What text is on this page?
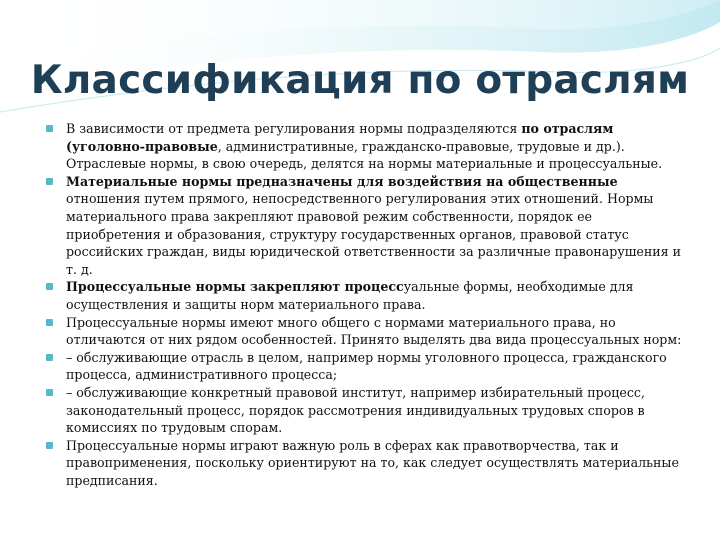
Классификация по отраслям
В зависимости от предмета регулирования нормы подразделяются по отраслям (уголовно-правовые, административные, гражданско-правовые, трудовые и др.). Отраслевые нормы, в свою очередь, делятся на нормы материальные и процессуальные.
Материальные нормы предназначены для воздействия на общественные отношения путем прямого, непосредственного регулирования этих отношений. Нормы материального права закрепляют правовой режим собственности, порядок ее приобретения и образования, структуру государственных органов, правовой статус российских граждан, виды юридической ответственности за различные правонарушения и т. д.
Процессуальные нормы закрепляют процессуальные формы, необходимые для осуществления и защиты норм материального права.
Процессуальные нормы имеют много общего с нормами материального права, но отличаются от них рядом особенностей. Принято выделять два вида процессуальных норм:
– обслуживающие отрасль в целом, например нормы уголовного процесса, гражданского процесса, административного процесса;
– обслуживающие конкретный правовой институт, например избирательный процесс, законодательный процесс, порядок рассмотрения индивидуальных трудовых споров в комиссиях по трудовым спорам.
Процессуальные нормы играют важную роль в сферах как правотворчества, так и правоприменения, поскольку ориентируют на то, как следует осуществлять материальные предписания.
